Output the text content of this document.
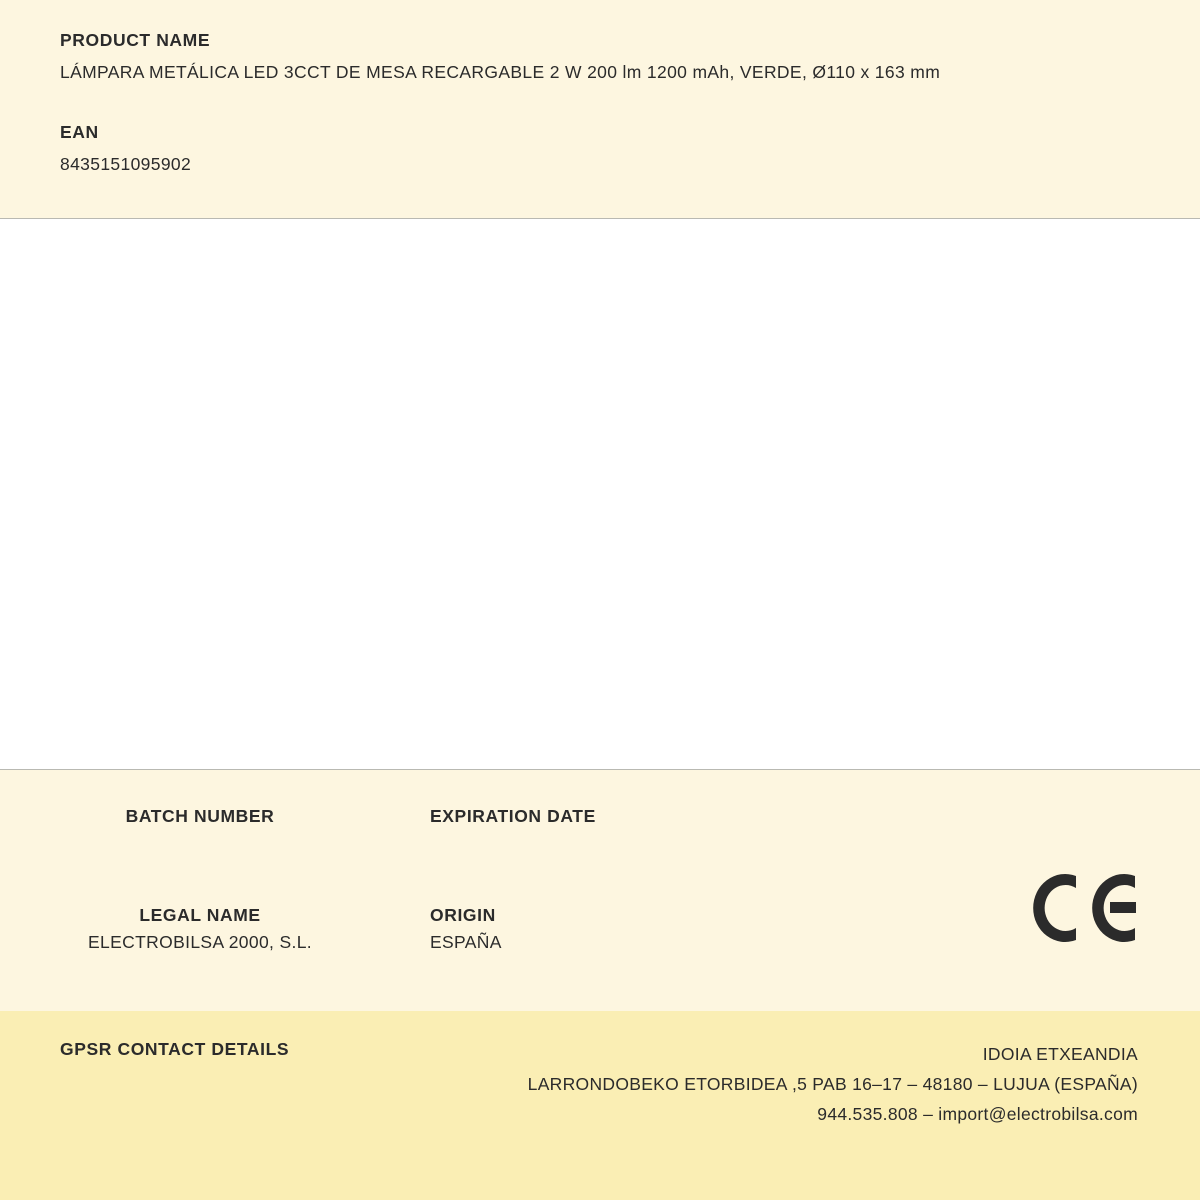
PRODUCT NAME

LÁMPARA METÁLICA LED 3CCT DE MESA RECARGABLE 2 W 200 lm 1200 mAh, VERDE, Ø110 x 163 mm

EAN

8435151095902

BATCH NUMBER	EXPIRATION DATE

LEGAL NAME

ELECTROBILSA 2000, S.L.

ORIGIN

ESPAÑA

GPSR CONTACT DETAILS	IDOIA ETXEANDIA

LARRONDOBEKO ETORBIDEA ,5 PAB 16–17 – 48180 – LUJUA (ESPAÑA)

944.535.808 – import@electrobilsa.com
